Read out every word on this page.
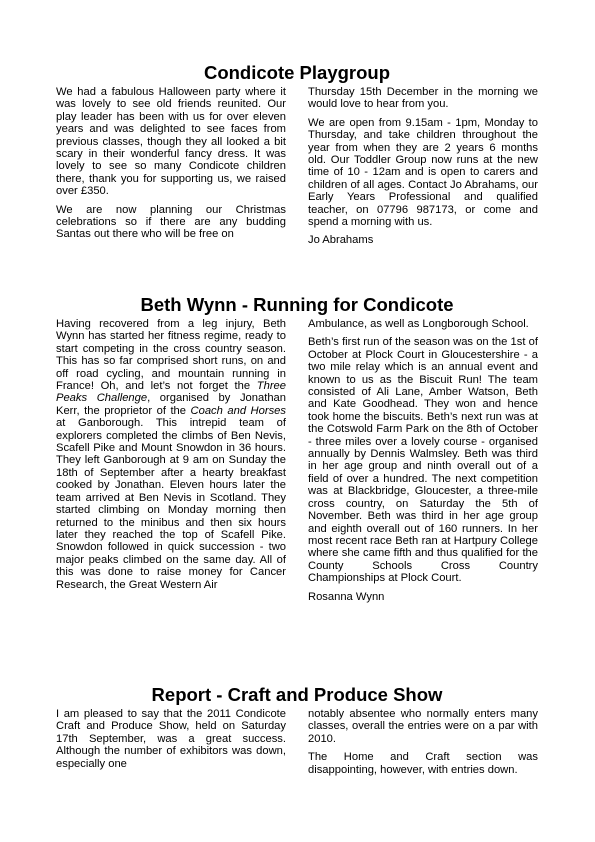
Condicote Playgroup

We had a fabulous Halloween party where it was lovely to see old friends reunited. Our play leader has been with us for over eleven years and was delighted to see faces from previous classes, though they all looked a bit scary in their wonderful fancy dress. It was lovely to see so many Condicote children there, thank you for supporting us, we raised over £350.

We are now planning our Christmas celebrations so if there are any budding Santas out there who will be free on

Thursday 15th December in the morning we would love to hear from you.

We are open from 9.15am - 1pm, Monday to Thursday, and take children throughout the year from when they are 2 years 6 months old. Our Toddler Group now runs at the new time of 10 - 12am and is open to carers and children of all ages. Contact Jo Abrahams, our Early Years Professional and qualified teacher, on 07796 987173, or come and spend a morning with us.

Jo Abrahams

Beth Wynn - Running for Condicote

Having recovered from a leg injury, Beth Wynn has started her fitness regime, ready to start competing in the cross country season. This has so far comprised short runs, on and off road cycling, and mountain running in France! Oh, and let’s not forget the Three Peaks Challenge, organised by Jonathan Kerr, the proprietor of the Coach and Horses at Ganborough. This intrepid team of explorers completed the climbs of Ben Nevis, Scafell Pike and Mount Snowdon in 36 hours. They left Ganborough at 9 am on Sunday the 18th of September after a hearty breakfast cooked by Jonathan. Eleven hours later the team arrived at Ben Nevis in Scotland. They started climbing on Monday morning then returned to the minibus and then six hours later they reached the top of Scafell Pike. Snowdon followed in quick succession - two major peaks climbed on the same day. All of this was done to raise money for Cancer Research, the Great Western Air

Ambulance, as well as Longborough School.

Beth’s first run of the season was on the 1st of October at Plock Court in Gloucestershire - a two mile relay which is an annual event and known to us as the Biscuit Run! The team consisted of Ali Lane, Amber Watson, Beth and Kate Goodhead. They won and hence took home the biscuits. Beth’s next run was at the Cotswold Farm Park on the 8th of October - three miles over a lovely course - organised annually by Dennis Walmsley. Beth was third in her age group and ninth overall out of a field of over a hundred. The next competition was at Blackbridge, Gloucester, a three-mile cross country, on Saturday the 5th of November. Beth was third in her age group and eighth overall out of 160 runners. In her most recent race Beth ran at Hartpury College where she came fifth and thus qualified for the County Schools Cross Country Championships at Plock Court.

Rosanna Wynn

Report - Craft and Produce Show

I am pleased to say that the 2011 Condicote Craft and Produce Show, held on Saturday 17th September, was a great success. Although the number of exhibitors was down, especially one

notably absentee who normally enters many classes, overall the entries were on a par with 2010.

The Home and Craft section was disappointing, however, with entries down.
